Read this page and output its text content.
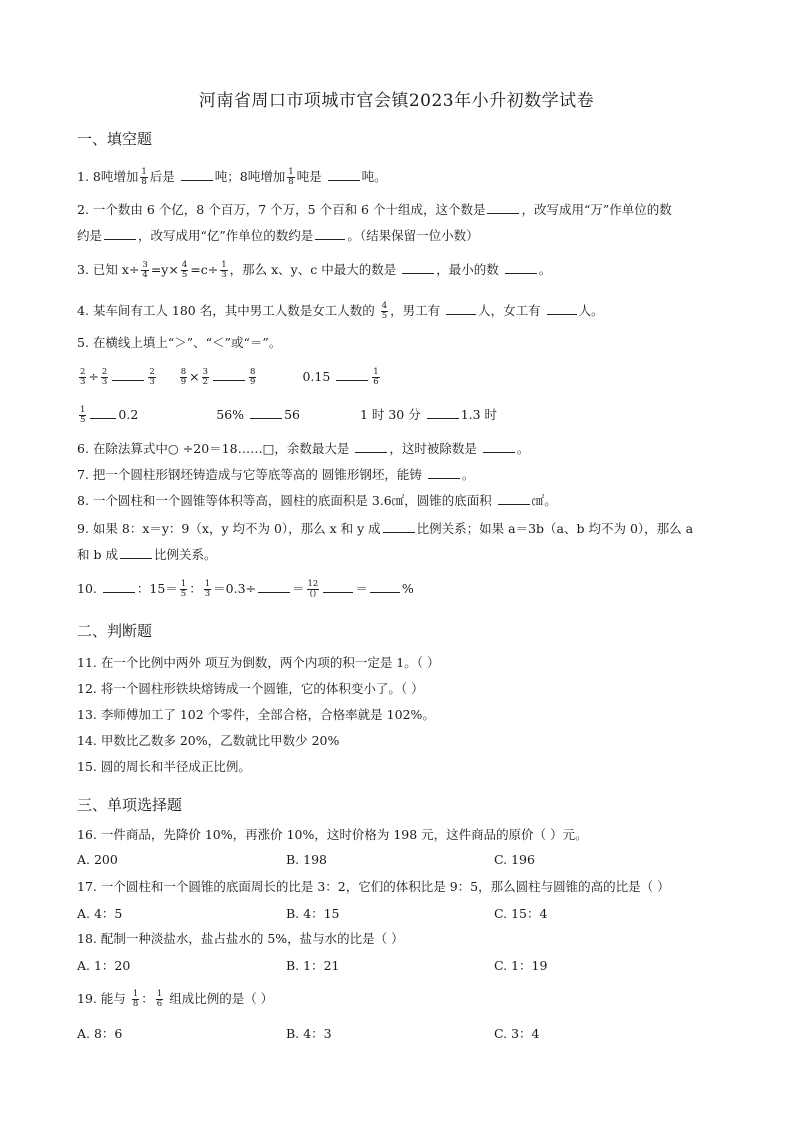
河南省周口市项城市官会镇2023年小升初数学试卷
一、填空题
1. 8吨增加 $\frac{1}{8}$ 后是	吨；8吨增加 $\frac{1}{8}$ 吨是	吨。
2. 一个数由 6 个亿，8 个百万，7 个万，5 个百和 6 个十组成，这个数是	，改写成用“万”作单位的数
约是	，改写成用“亿”作单位的数约是	。（结果保留一位小数）
3. 已知 $x\div \frac{3}{4} =y\times \frac{4}{5} =c\div \frac{1}{3}$ ，那么 x、y、c 中最大的数是	，最小的数	。
4. 某车间有工人 180 名，其中男工人数是女工人数的 $\frac{4}{5}$ ，男工有	人，女工有	人。
5. 在横线上填上“＞”、“＜”或“＝”。
$\frac{2}{3} \div \frac{2}{3}$	$\frac{2}{3}$
	$\frac{8}{9} \times \frac{3}{2}$	$\frac{8}{9}$	0.15	$\frac{1}{6}$
$\frac{1}{5}$	0.2	56%	56	1 时 30 分	1.3 时
6. 在除法算式中○ ÷20＝18……□，余数最大是	，这时被除数是	。
7. 把一个圆柱形钢坯铸造成与它等底等高的 圆锥形钢坯，能铸	。
8. 一个圆柱和一个圆锥等体积等高，圆柱的底面积是 3.6㎠，圆锥的底面积	㎠。
9. 如果 8：x＝y：9（x，y 均不为 0），那么 x 和 y 成	比例关系；如果 a＝3b（a、b 均不为 0），那么 a
和 b 成	比例关系。
10.	：$15= \frac{1}{5}$ ： $\frac{1}{3} =0.3\div$	＝ $\frac{12}{()}$	＝	%
二、判断题
11. 在一个比例中两外 项互为倒数，两个内项的积一定是 1。（ ）
12. 将一个圆柱形铁块熔铸成一个圆锥，它的体积变小了。（ ）
13. 李师傅加工了 102 个零件，全部合格，合格率就是 102%。
14. 甲数比乙数多 20%，乙数就比甲数少 20%
15. 圆的周长和半径成正比例。
三、单项选择题
16. 一件商品，先降价 10%，再涨价 10%，这时价格为 198 元，这件商品的原价（ ）元。
A. 200	B. 198	C. 196
17. 一个圆柱和一个圆锥的底面周长的比是 3：2，它们的体积比是 9：5，那么圆柱与圆锥的高的比是（ ）
A. 4：5	B. 4：15	C. 15：4
18. 配制一种淡盐水，盐占盐水的 5%，盐与水的比是（ ）
A. 1：20	B. 1：21	C. 1：19
19. 能与 $\frac{1}{8}$ ： $\frac{1}{6}$ 组成比例的是（ ）
A. 8：6	B. 4：3	C. 3：4
